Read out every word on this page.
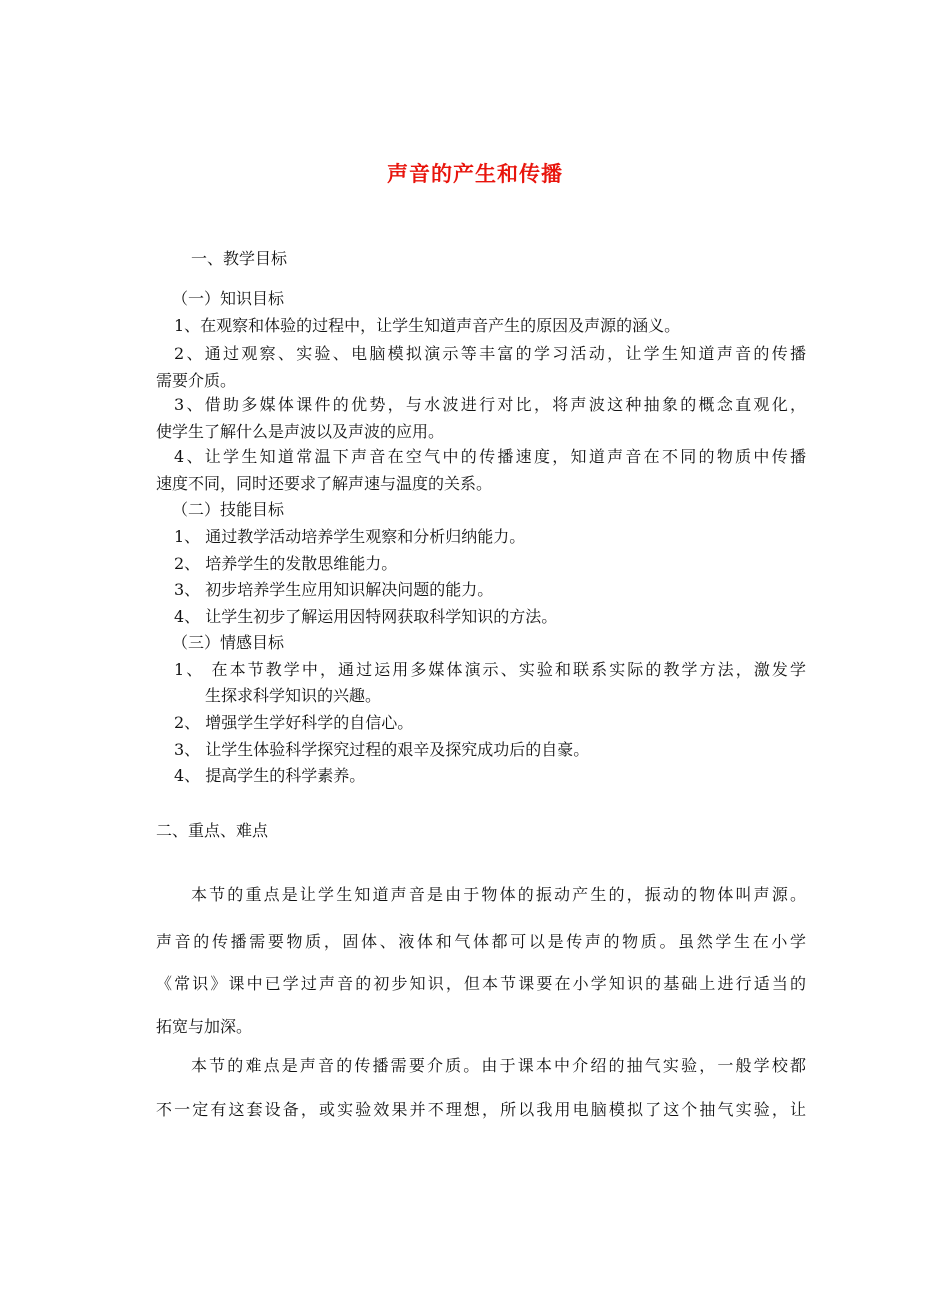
声音的产生和传播
一、教学目标
（一）知识目标
1、在观察和体验的过程中，让学生知道声音产生的原因及声源的涵义。
2、通过观察、实验、电脑模拟演示等丰富的学习活动，让学生知道声音的传播
需要介质。
3、借助多媒体课件的优势，与水波进行对比，将声波这种抽象的概念直观化，
使学生了解什么是声波以及声波的应用。
4、让学生知道常温下声音在空气中的传播速度，知道声音在不同的物质中传播
速度不同，同时还要求了解声速与温度的关系。
（二）技能目标
1、 通过教学活动培养学生观察和分析归纳能力。
2、 培养学生的发散思维能力。
3、 初步培养学生应用知识解决问题的能力。
4、 让学生初步了解运用因特网获取科学知识的方法。
（三）情感目标
1、 在本节教学中，通过运用多媒体演示、实验和联系实际的教学方法，激发学
生探求科学知识的兴趣。
2、 增强学生学好科学的自信心。
3、 让学生体验科学探究过程的艰辛及探究成功后的自豪。
4、 提高学生的科学素养。
二、重点、难点
本节的重点是让学生知道声音是由于物体的振动产生的，振动的物体叫声源。
声音的传播需要物质，固体、液体和气体都可以是传声的物质。虽然学生在小学
《常识》课中已学过声音的初步知识，但本节课要在小学知识的基础上进行适当的
拓宽与加深。
本节的难点是声音的传播需要介质。由于课本中介绍的抽气实验，一般学校都
不一定有这套设备，或实验效果并不理想，所以我用电脑模拟了这个抽气实验，让
